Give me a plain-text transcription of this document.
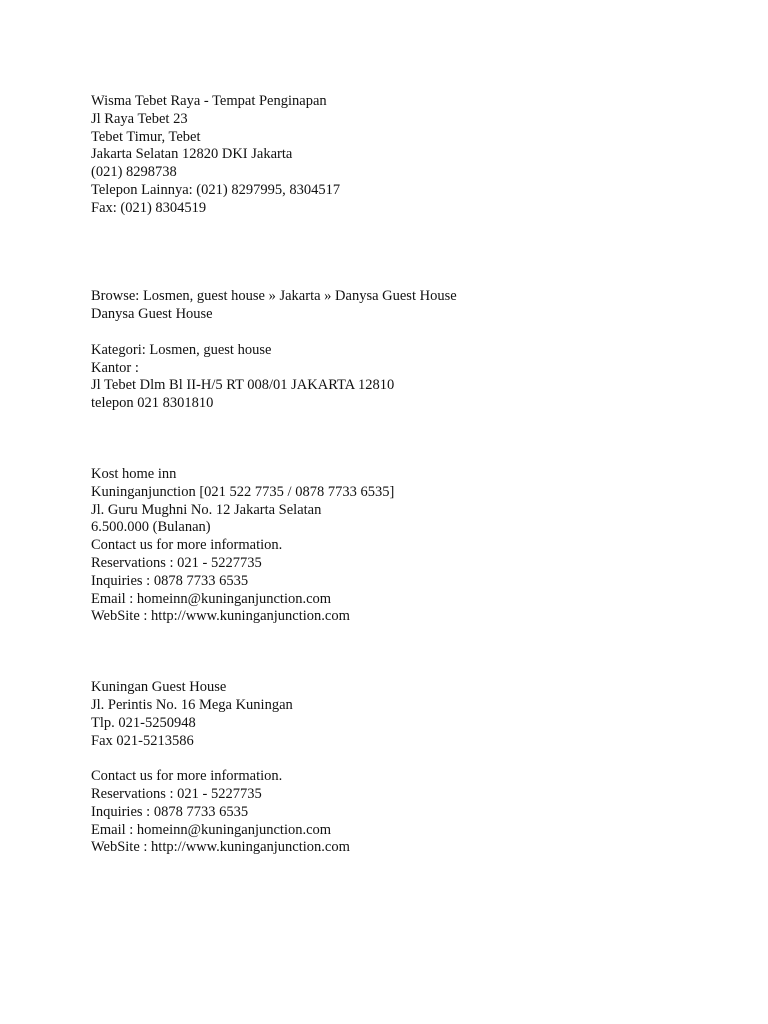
Wisma Tebet Raya - Tempat Penginapan
Jl Raya Tebet 23
Tebet Timur, Tebet
Jakarta Selatan 12820 DKI Jakarta
(021) 8298738
Telepon Lainnya: (021) 8297995, 8304517
Fax: (021) 8304519
Browse: Losmen, guest house » Jakarta » Danysa Guest House
Danysa Guest House
Kategori: Losmen, guest house
Kantor :
Jl Tebet Dlm Bl II-H/5 RT 008/01 JAKARTA 12810
telepon 021 8301810
Kost home inn
Kuninganjunction [021 522 7735 / 0878 7733 6535]
Jl. Guru Mughni No. 12 Jakarta Selatan
6.500.000 (Bulanan)
Contact us for more information.
Reservations : 021 - 5227735
Inquiries : 0878 7733 6535
Email : homeinn@kuninganjunction.com
WebSite : http://www.kuninganjunction.com
Kuningan Guest House
Jl. Perintis No. 16 Mega Kuningan
Tlp. 021-5250948
Fax 021-5213586
Contact us for more information.
Reservations : 021 - 5227735
Inquiries : 0878 7733 6535
Email : homeinn@kuninganjunction.com
WebSite : http://www.kuninganjunction.com
